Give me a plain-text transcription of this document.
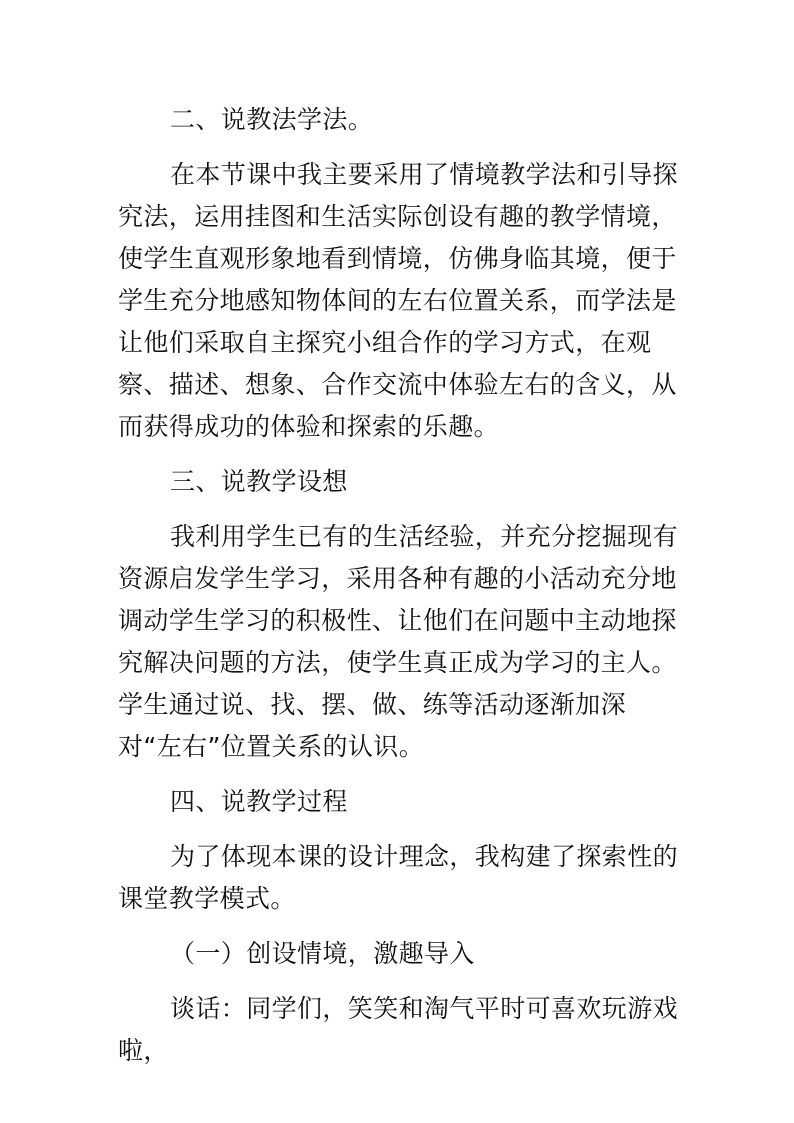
二、说教法学法。

在本节课中我主要采用了情境教学法和引导探究法，运用挂图和生活实际创设有趣的教学情境，使学生直观形象地看到情境，仿佛身临其境，便于学生充分地感知物体间的左右位置关系，而学法是让他们采取自主探究小组合作的学习方式，在观察、描述、想象、合作交流中体验左右的含义，从而获得成功的体验和探索的乐趣。

三、说教学设想

我利用学生已有的生活经验，并充分挖掘现有资源启发学生学习，采用各种有趣的小活动充分地调动学生学习的积极性、让他们在问题中主动地探究解决问题的方法，使学生真正成为学习的主人。学生通过说、找、摆、做、练等活动逐渐加深对“左右”位置关系的认识。

四、说教学过程

为了体现本课的设计理念，我构建了探索性的课堂教学模式。

（一）创设情境，激趣导入

谈话：同学们，笑笑和淘气平时可喜欢玩游戏啦，
